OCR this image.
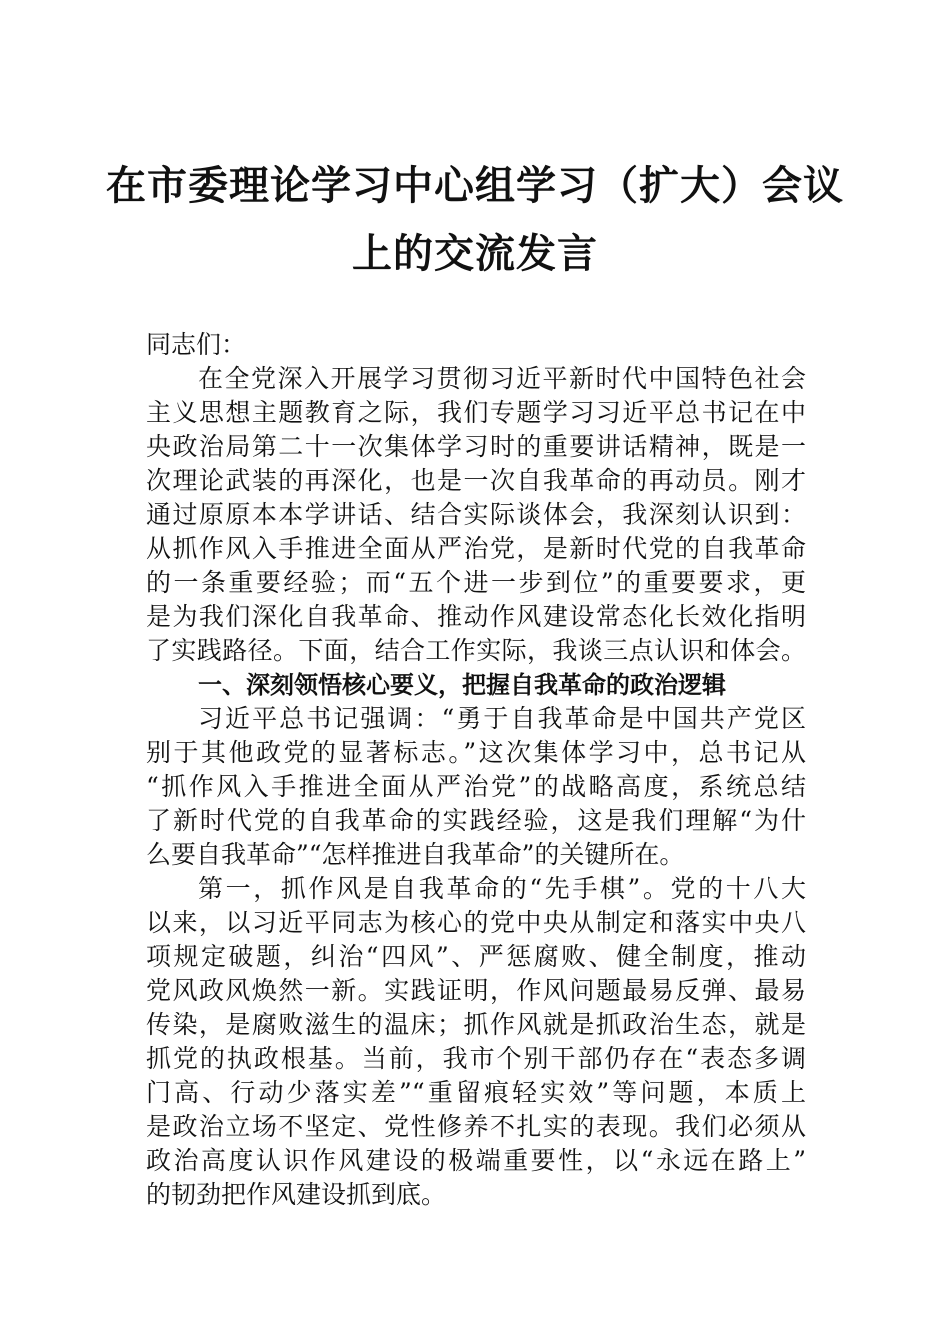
在市委理论学习中心组学习（扩大）会议
上的交流发言
同志们：
在全党深入开展学习贯彻习近平新时代中国特色社会
主义思想主题教育之际，我们专题学习习近平总书记在中
央政治局第二十一次集体学习时的重要讲话精神，既是一
次理论武装的再深化，也是一次自我革命的再动员。刚才
通过原原本本学讲话、结合实际谈体会，我深刻认识到：
从抓作风入手推进全面从严治党，是新时代党的自我革命
的一条重要经验；而“五个进一步到位”的重要要求，更
是为我们深化自我革命、推动作风建设常态化长效化指明
了实践路径。下面，结合工作实际，我谈三点认识和体会。
一、深刻领悟核心要义，把握自我革命的政治逻辑
习近平总书记强调：“勇于自我革命是中国共产党区
别于其他政党的显著标志。”这次集体学习中，总书记从
“抓作风入手推进全面从严治党”的战略高度，系统总结
了新时代党的自我革命的实践经验，这是我们理解“为什
么要自我革命”“怎样推进自我革命”的关键所在。
第一，抓作风是自我革命的“先手棋”。党的十八大
以来，以习近平同志为核心的党中央从制定和落实中央八
项规定破题，纠治“四风”、严惩腐败、健全制度，推动
党风政风焕然一新。实践证明，作风问题最易反弹、最易
传染，是腐败滋生的温床；抓作风就是抓政治生态，就是
抓党的执政根基。当前，我市个别干部仍存在“表态多调
门高、行动少落实差”“重留痕轻实效”等问题，本质上
是政治立场不坚定、党性修养不扎实的表现。我们必须从
政治高度认识作风建设的极端重要性，以“永远在路上”
的韧劲把作风建设抓到底。
